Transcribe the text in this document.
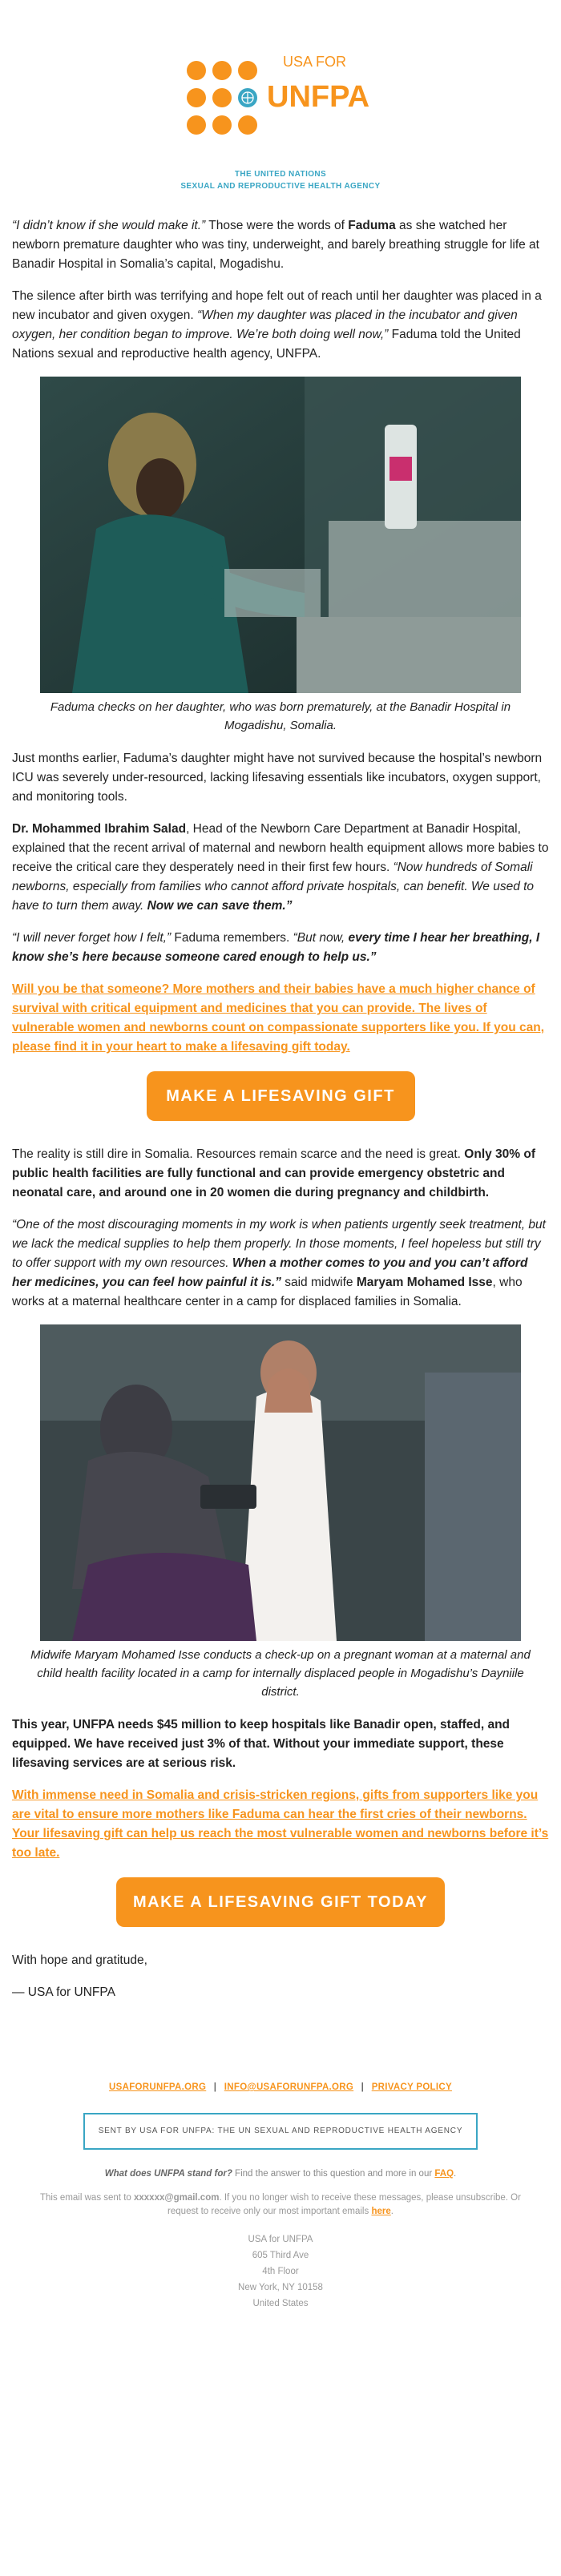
USA FOR
UNFPA
THE UNITED NATIONS
SEXUAL AND REPRODUCTIVE HEALTH AGENCY

“I didn’t know if she would make it.” Those were the words of Faduma as she watched her newborn premature daughter who was tiny, underweight, and barely breathing struggle for life at Banadir Hospital in Somalia’s capital, Mogadishu.

The silence after birth was terrifying and hope felt out of reach until her daughter was placed in a new incubator and given oxygen. “When my daughter was placed in the incubator and given oxygen, her condition began to improve. We’re both doing well now,” Faduma told the United Nations sexual and reproductive health agency, UNFPA.

Faduma checks on her daughter, who was born prematurely, at the Banadir Hospital in Mogadishu, Somalia.

Just months earlier, Faduma’s daughter might have not survived because the hospital’s newborn ICU was severely under-resourced, lacking lifesaving essentials like incubators, oxygen support, and monitoring tools.

Dr. Mohammed Ibrahim Salad, Head of the Newborn Care Department at Banadir Hospital, explained that the recent arrival of maternal and newborn health equipment allows more babies to receive the critical care they desperately need in their first few hours. “Now hundreds of Somali newborns, especially from families who cannot afford private hospitals, can benefit. We used to have to turn them away. Now we can save them.”

“I will never forget how I felt,” Faduma remembers. “But now, every time I hear her breathing, I know she’s here because someone cared enough to help us.”

Will you be that someone? More mothers and their babies have a much higher chance of survival with critical equipment and medicines that you can provide. The lives of vulnerable women and newborns count on compassionate supporters like you. If you can, please find it in your heart to make a lifesaving gift today.
MAKE A LIFESAVING GIFT

The reality is still dire in Somalia. Resources remain scarce and the need is great. Only 30% of public health facilities are fully functional and can provide emergency obstetric and neonatal care, and around one in 20 women die during pregnancy and childbirth.

“One of the most discouraging moments in my work is when patients urgently seek treatment, but we lack the medical supplies to help them properly. In those moments, I feel hopeless but still try to offer support with my own resources. When a mother comes to you and you can’t afford her medicines, you can feel how painful it is.” said midwife Maryam Mohamed Isse, who works at a maternal healthcare center in a camp for displaced families in Somalia.

Midwife Maryam Mohamed Isse conducts a check-up on a pregnant woman at a maternal and child health facility located in a camp for internally displaced people in Mogadishu’s Dayniile district.

This year, UNFPA needs $45 million to keep hospitals like Banadir open, staffed, and equipped. We have received just 3% of that. Without your immediate support, these lifesaving services are at serious risk.

With immense need in Somalia and crisis-stricken regions, gifts from supporters like you are vital to ensure more mothers like Faduma can hear the first cries of their newborns. Your lifesaving gift can help us reach the most vulnerable women and newborns before it’s too late.
MAKE A LIFESAVING GIFT TODAY

With hope and gratitude,

— USA for UNFPA

USAFORUNFPA.ORG | INFO@USAFORUNFPA.ORG | PRIVACY POLICY
SENT BY USA FOR UNFPA: THE UN SEXUAL AND REPRODUCTIVE HEALTH AGENCY
What does UNFPA stand for? Find the answer to this question and more in our FAQ.
This email was sent to xxxxxx@gmail.com. If you no longer wish to receive these messages, please unsubscribe. Or request to receive only our most important emails here.
USA for UNFPA
605 Third Ave
4th Floor
New York, NY 10158
United States
